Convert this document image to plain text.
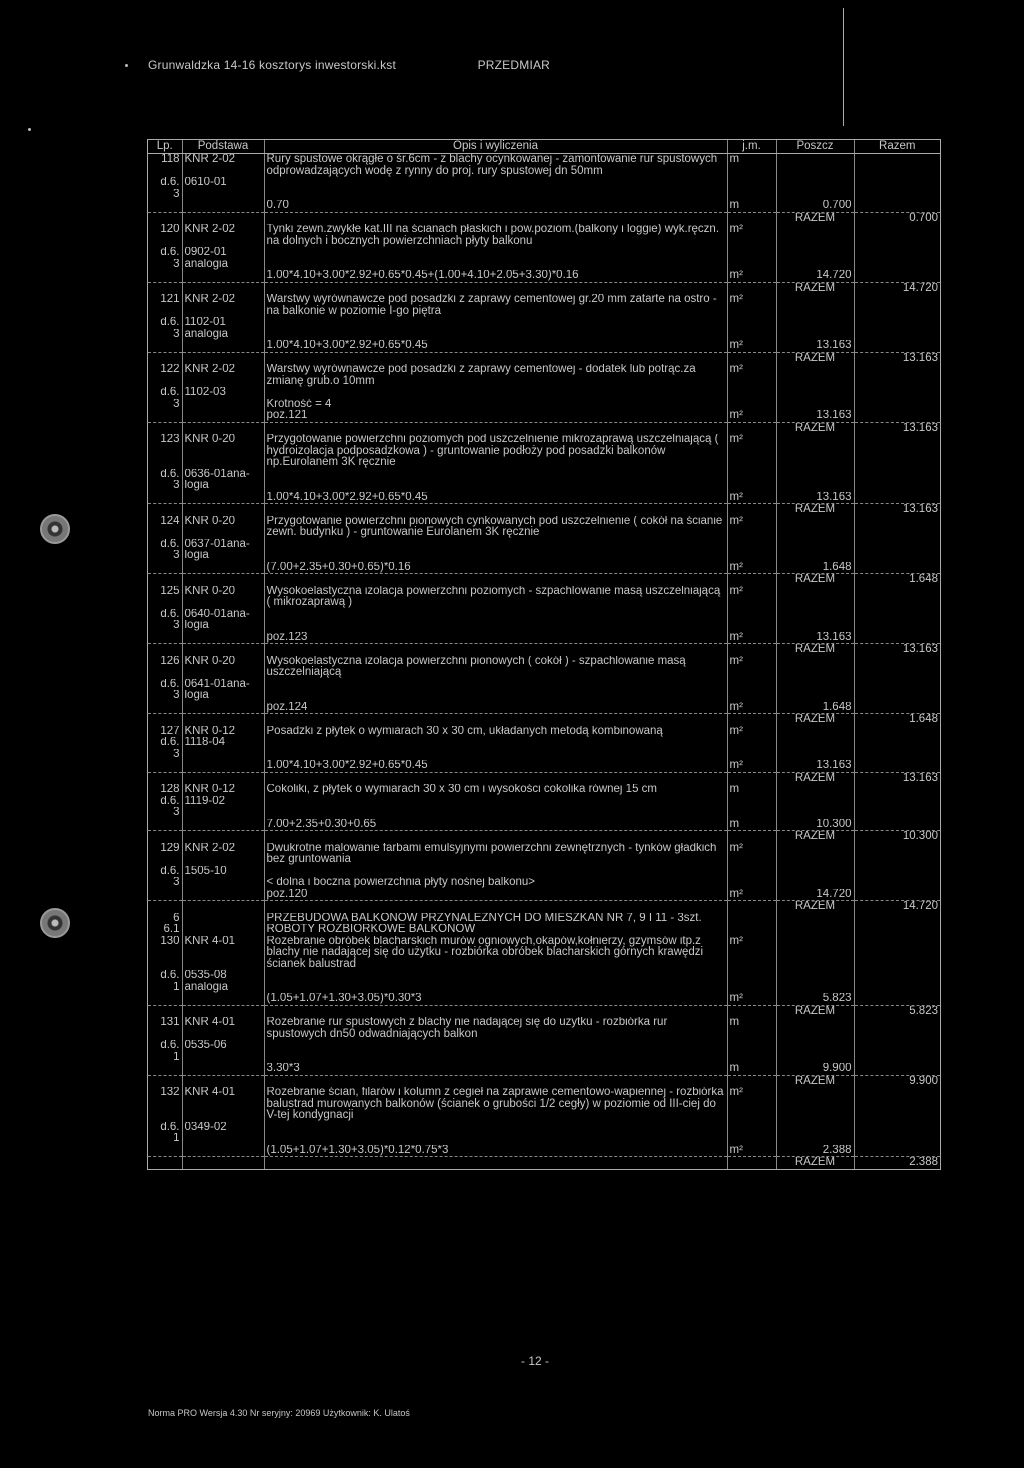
Grunwaldzka 14-16 kosztorys inwestorski.kst	PRZEDMIAR
Lp.	Podstawa	Opis i wyliczenia	j.m.	Poszcz	Razem
118	KNR 2-02	Rury spustowe okrągłe o śr.6cm - z blachy ocynkowanej - zamontowanie rur spustowych odprowadzających wodę z rynny do proj. rury spustowej dn 50mm	m		
d.6.	0610-01				
3					
		0.70	m	0.700	
				RAZEM	0.700
120	KNR 2-02	Tynki zewn.zwykłe kat.III na ścianach płaskich i pow.poziom.(balkony i loggie) wyk.ręczn. na dolnych i bocznych powierzchniach płyty balkonu	m²		
d.6.	0902-01				
3	analogia				
		1.00*4.10+3.00*2.92+0.65*0.45+(1.00+4.10+2.05+3.30)*0.16	m²	14.720	
				RAZEM	14.720
121	KNR 2-02	Warstwy wyrównawcze pod posadzki z zaprawy cementowej gr.20 mm zatarte na ostro - na balkonie w poziomie I-go piętra	m²		
d.6.	1102-01				
3	analogia				
		1.00*4.10+3.00*2.92+0.65*0.45	m²	13.163	
				RAZEM	13.163
122	KNR 2-02	Warstwy wyrównawcze pod posadzki z zaprawy cementowej - dodatek lub potrąc.za zmianę grub.o 10mm	m²		
d.6.	1102-03				
3		Krotność = 4			
		poz.121	m²	13.163	
				RAZEM	13.163
123	KNR 0-20	Przygotowanie powierzchni poziomych pod uszczelnienie mikrozaprawą uszczelniającą ( hydroizolacja podposadzkowa ) - gruntowanie podłoży pod posadzki balkonów np.Eurolanem 3K ręcznie	m²		
d.6.	0636-01ana-				
3	logia				
		1.00*4.10+3.00*2.92+0.65*0.45	m²	13.163	
				RAZEM	13.163
124	KNR 0-20	Przygotowanie powierzchni pionowych cynkowanych pod uszczelnienie ( cokół na ścianie zewn. budynku ) - gruntowanie Eurolanem 3K ręcznie	m²		
d.6.	0637-01ana-				
3	logia				
		(7.00+2.35+0.30+0.65)*0.16	m²	1.648	
				RAZEM	1.648
125	KNR 0-20	Wysokoelastyczna izolacja powierzchni poziomych - szpachlowanie masą uszczelniającą ( mikrozaprawą )	m²		
d.6.	0640-01ana-				
3	logia				
		poz.123	m²	13.163	
				RAZEM	13.163
126	KNR 0-20	Wysokoelastyczna izolacja powierzchni pionowych ( cokół ) - szpachlowanie masą uszczelniającą	m²		
d.6.	0641-01ana-				
3	logia				
		poz.124	m²	1.648	
				RAZEM	1.648
127	KNR 0-12	Posadzki z płytek o wymiarach 30 x 30 cm, układanych metodą kombinowaną	m²		
d.6.	1118-04				
3					
		1.00*4.10+3.00*2.92+0.65*0.45	m²	13.163	
				RAZEM	13.163
128	KNR 0-12	Cokoliki, z płytek o wymiarach 30 x 30 cm i wysokości cokolika równej 15 cm	m		
d.6.	1119-02				
3					
		7.00+2.35+0.30+0.65	m	10.300	
				RAZEM	10.300
129	KNR 2-02	Dwukrotne malowanie farbami emulsyjnymi powierzchni zewnętrznych - tynków gładkich bez gruntowania	m²		
d.6.	1505-10				
3		< dolna i boczna powierzchnia płyty nośnej balkonu>			
		poz.120	m²	14.720	
				RAZEM	14.720
6		PRZEBUDOWA BALKONÓW PRZYNALEŻNYCH DO MIESZKAN NR 7, 9 I 11 - 3szt.			
6.1		ROBOTY ROZBIÓRKOWE BALKONÓW			
130	KNR 4-01	Rozebranie obróbek blacharskich murów ogniowych,okapów,kołnierzy, gzymsów itp.z blachy nie nadającej się do użytku - rozbiórka obróbek blacharskich górnych krawędzi ścianek balustrad	m²		
d.6.	0535-08				
1	analogia				
		(1.05+1.07+1.30+3.05)*0.30*3	m²	5.823	
				RAZEM	5.823
131	KNR 4-01	Rozebranie rur spustowych z blachy nie nadającej się do użytku - rozbiórka rur spustowych dn50 odwadniających balkon	m		
d.6.	0535-06				
1					
		3.30*3	m	9.900	
				RAZEM	9.900
132	KNR 4-01	Rozebranie ścian, filarów i kolumn z cegieł na zaprawie cementowo-wapiennej - rozbiórka balustrad murowanych balkonów (ścianek o grubości 1/2 cegły) w poziomie od III-ciej do V-tej kondygnacji	m²		
d.6.	0349-02				
1					
		(1.05+1.07+1.30+3.05)*0.12*0.75*3	m²	2.388	
				RAZEM	2.388
- 12 -
Norma PRO Wersja 4.30 Nr seryjny: 20969 Użytkownik: K. Ulatoś
